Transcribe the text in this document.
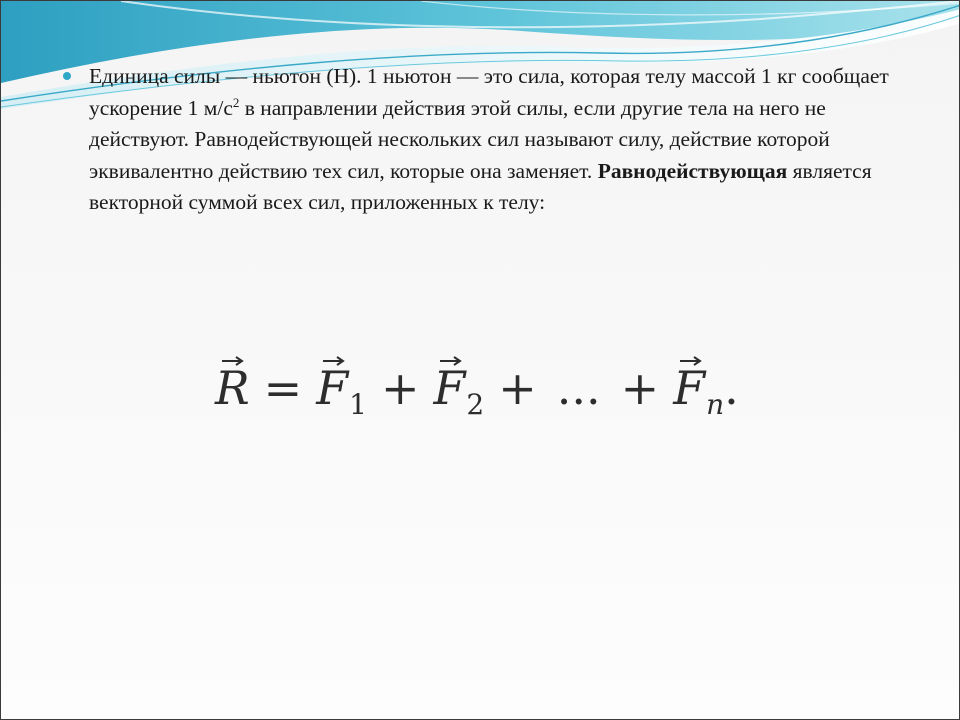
Единица силы — ньютон (Н). 1 ньютон — это сила, которая телу массой 1 кг сообщает ускорение 1 $м/с^2$ в направлении действия этой силы, если другие тела на него не действуют. Равнодействующей нескольких сил называют силу, действие которой эквивалентно действию тех сил, которые она заменяет. Равнодействующая является векторной суммой всех сил, приложенных к телу:
$R = F_1 + F_2$ + ... + $F_n$ .
